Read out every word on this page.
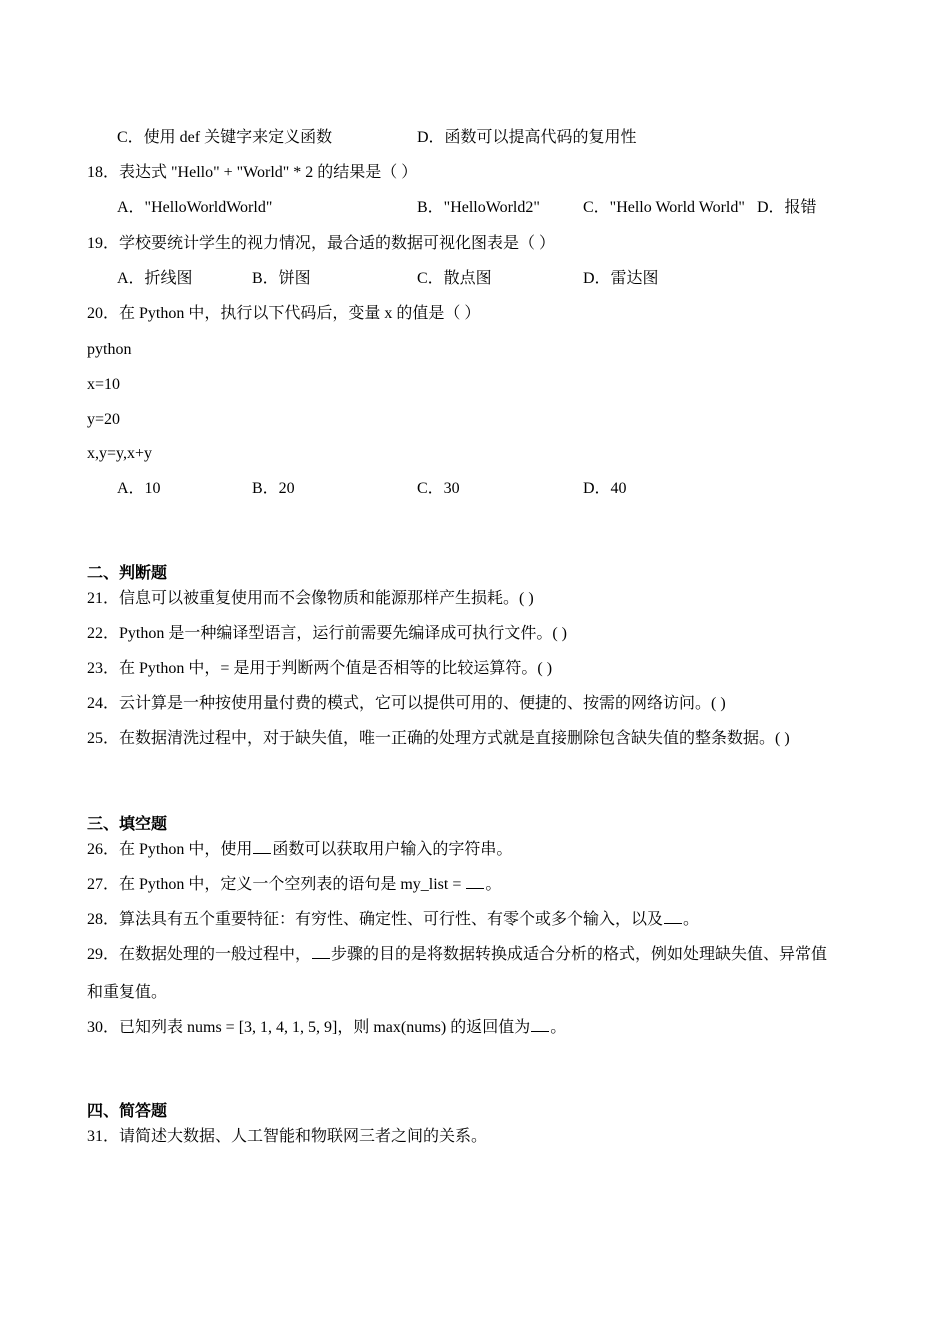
C．使用 def 关键字来定义函数	D．函数可以提高代码的复用性
18．表达式 "Hello" + "World" * 2 的结果是（ ）
A．"HelloWorldWorld"	B．"HelloWorld2"	C．"Hello World World" D．报错
19．学校要统计学生的视力情况，最合适的数据可视化图表是（ ）
A．折线图	B．饼图	C．散点图	D．雷达图
20．在 Python 中，执行以下代码后，变量 x 的值是（ ）
python
x=10
y=20
x,y=y,x+y
A．10	B．20	C．30	D．40
二、判断题
21．信息可以被重复使用而不会像物质和能源那样产生损耗。( )
22．Python 是一种编译型语言，运行前需要先编译成可执行文件。( )
23．在 Python 中，= 是用于判断两个值是否相等的比较运算符。( )
24．云计算是一种按使用量付费的模式，它可以提供可用的、便捷的、按需的网络访问。( )
25．在数据清洗过程中，对于缺失值，唯一正确的处理方式就是直接删除包含缺失值的整条数据。( )
三、填空题
26．在 Python 中，使用 函数可以获取用户输入的字符串。
27．在 Python 中，定义一个空列表的语句是 my_list = 。
28．算法具有五个重要特征：有穷性、确定性、可行性、有零个或多个输入，以及 。
29．在数据处理的一般过程中， 步骤的目的是将数据转换成适合分析的格式，例如处理缺失值、异常值
和重复值。
30．已知列表 nums = [3, 1, 4, 1, 5, 9]，则 max(nums) 的返回值为 。
四、简答题
31．请简述大数据、人工智能和物联网三者之间的关系。
